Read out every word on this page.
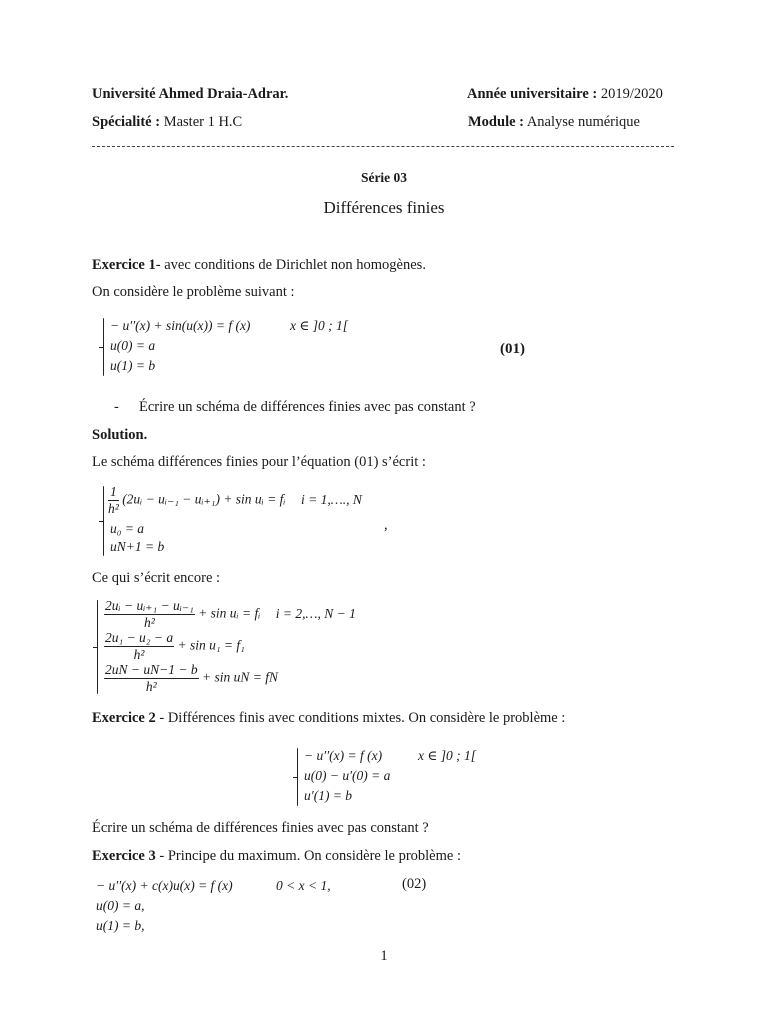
Université Ahmed Draia-Adrar.	Année universitaire : 2019/2020
Spécialité : Master 1 H.C	Module : Analyse numérique
Série 03
Différences finies
Exercice 1- avec conditions de Dirichlet non homogènes.
On considère le problème suivant :
− u′′(x) + sin(u(x)) = f (x)	x ∈ ]0 ; 1[
u(0) = a
u(1) = b
(01)
- Écrire un schéma de différences finies avec pas constant ?
Solution.
Le schéma différences finies pour l’équation (01) s’écrit :
$\frac{1}{\text{h²}}$ (2uᵢ − uᵢ₋₁ − uᵢ₊₁) + sin uᵢ = fᵢ i = 1,…., N
u₀ = a
uN+1 = b
,
Ce qui s’écrit encore :
$\frac{\text{2uᵢ − uᵢ₊₁ − uᵢ₋₁}}{\text{h²}} + \sin$ uᵢ = fᵢ i = 2,…, N − 1
$\frac{\text{2u₁ − u₂ − a}}{\text{h²}} + \sin u_1 = f_1$
$\frac{2uN - uN-1 - b}{\text{h²}} + \sin$ uN = fN
Exercice 2 - Différences finis avec conditions mixtes. On considère le problème :
− u′′(x) = f (x)	x ∈ ]0 ; 1[
u(0) − u′(0) = a
u′(1) = b
Écrire un schéma de différences finies avec pas constant ?
Exercice 3 - Principe du maximum. On considère le problème :
− u′′(x) + c(x)u(x) = f (x)	0 < x < 1,	(02)
u(0) = a,
u(1) = b,
1
